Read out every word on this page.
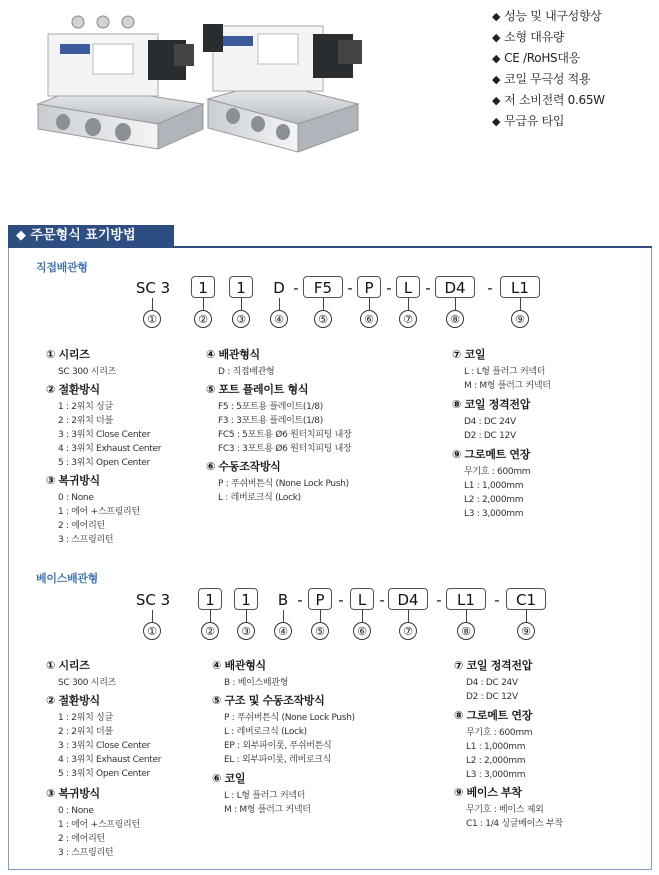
◆ 성능 및 내구성향상
◆ 소형 대유량
◆ CE /RoHS대응
◆ 코일 무극성 적용
◆ 저 소비전력 0.65W
◆ 무급유 타입
◆ 주문형식 표기방법
직접배관형
SC 3	1	1	D -	F5	- P - L - D4	-	L1
①	②	③	④	⑤	⑥	⑦	⑧	⑨
① 시리즈
SC 300 시리즈
② 절환방식
1 : 2위치 싱글
2 : 2위치 더블
3 : 3위치 Close Center
4 : 3위치 Exhaust Center
5 : 3위치 Open Center
③ 복귀방식
0 : None
1 : 에어 +스프링리턴
2 : 에어리턴
3 : 스프링리턴
④ 배관형식
D : 직접배관형
⑤ 포트 플레이트 형식
F5 : 5포트용 플레이트(1/8)
F3 : 3포트용 플레이트(1/8)
FC5 : 5포트용 Ø6 원터치피팅 내장
FC3 : 3포트용 Ø6 원터치피팅 내장
⑥ 수동조작방식
P : 푸쉬버튼식 (None Lock Push)
L : 레버로크식 (Lock)
⑦ 코일
L : L형 플러그 커넥터
M : M형 플러그 커넥터
⑧ 코일 정격전압
D4 : DC 24V
D2 : DC 12V
⑨ 그로메트 연장
무기호 : 600mm
L1 : 1,000mm
L2 : 2,000mm
L3 : 3,000mm
베이스배관형
SC 3	1	1	B - P - L - D4	-	L1	-	C1
①	②	③	④	⑤	⑥	⑦	⑧	⑨
① 시리즈
SC 300 시리즈
② 절환방식
1 : 2위치 싱글
2 : 2위치 더블
3 : 3위치 Close Center
4 : 3위치 Exhaust Center
5 : 3위치 Open Center
③ 복귀방식
0 : None
1 : 에어 +스프링리턴
2 : 에어리턴
3 : 스프링리턴
④ 배관형식
B : 베이스배관형
⑤ 구조 및 수동조작방식
P : 푸쉬버튼식 (None Lock Push)
L : 레버로크식 (Lock)
EP : 외부파이롯, 푸쉬버튼식
EL : 외부파이롯, 레버로크식
⑥ 코일
L : L형 플러그 커넥터
M : M형 플러그 커넥터
⑦ 코일 정격전압
D4 : DC 24V
D2 : DC 12V
⑧ 그로메트 연장
무기호 : 600mm
L1 : 1,000mm
L2 : 2,000mm
L3 : 3,000mm
⑨ 베이스 부착
무기호 : 베이스 제외
C1 : 1/4 싱글베이스 부착
